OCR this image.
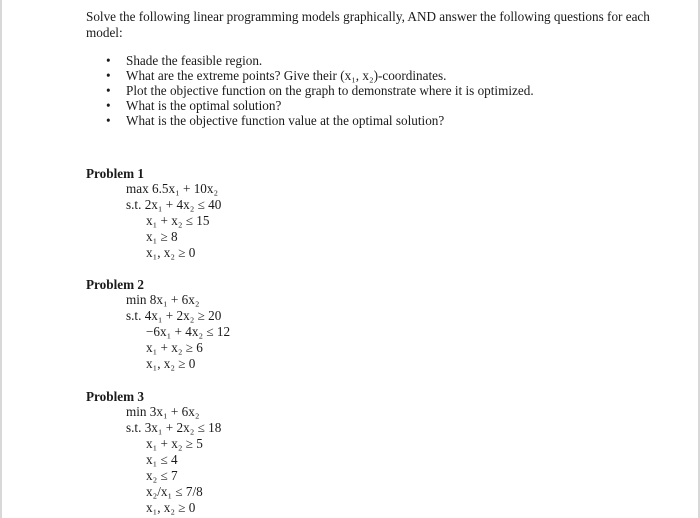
Solve the following linear programming models graphically, AND answer the following questions for each model:

• Shade the feasible region.
• What are the extreme points? Give their (x₁, x₂)-coordinates.
• Plot the objective function on the graph to demonstrate where it is optimized.
• What is the optimal solution?
• What is the objective function value at the optimal solution?
Problem 1
max 6.5x₁ + 10x₂
s.t. 2x₁ + 4x₂ ≤ 40
x₁ + x₂ ≤ 15
x₁ ≥ 8
x₁, x₂ ≥ 0
Problem 2
min 8x₁ + 6x₂
s.t. 4x₁ + 2x₂ ≥ 20
−6x₁ + 4x₂ ≤ 12
x₁ + x₂ ≥ 6
x₁, x₂ ≥ 0
Problem 3
min 3x₁ + 6x₂
s.t. 3x₁ + 2x₂ ≤ 18
x₁ + x₂ ≥ 5
x₁ ≤ 4
x₂ ≤ 7
x₂/x₁ ≤ 7/8
x₁, x₂ ≥ 0
